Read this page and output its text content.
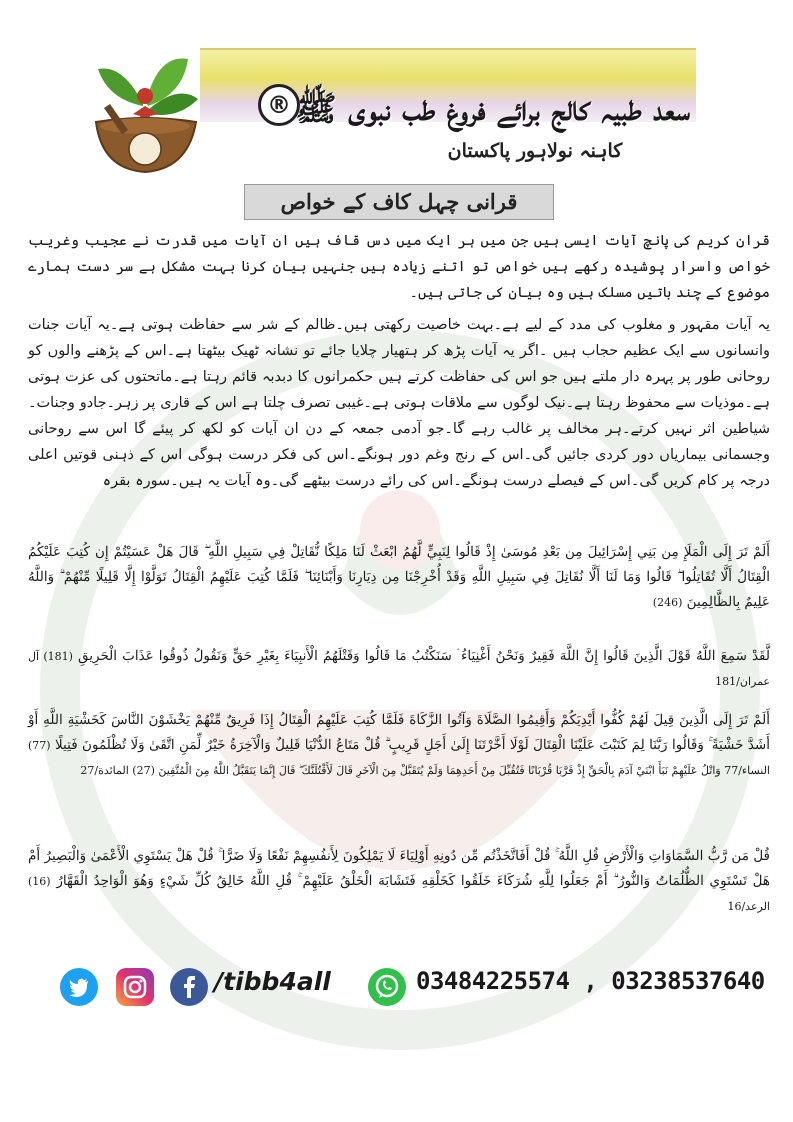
® سعد طبیہ کالج برائے فروغ طب نبوی ﷺ
کاہنہ نولاہور پاکستان
قرانی چہل کاف کے خواص
قران کریم کی پانچ آیات ایسی ہیں جن میں ہر ایک میں دس قاف ہیں ان آیات میں قدرت نے عجیب وغریب خواص واسرار پوشیدہ رکھے ہیں خواص تو اتنے زیادہ ہیں جنہیں بیان کرنا بہت مشکل ہے سر دست ہمارے موضوع کے چند باتیں مسلک ہیں وہ بیان کی جاتی ہیں۔
یہ آیات مقہور و مغلوب کی مدد کے لیے ہے۔بہت خاصیت رکھتی ہیں۔ظالم کے شر سے حفاظت ہوتی ہے۔یہ آیات جنات وانسانوں سے ایک عظیم حجاب ہیں ۔اگر یہ آیات پڑھ کر ہتھیار چلایا جائے تو نشانہ ٹھیک بیٹھتا ہے۔اس کے پڑھنے والوں کو روحانی طور پر پہرہ دار ملتے ہیں جو اس کی حفاظت کرتے ہیں حکمرانوں کا دبدبہ قائم رہتا ہے۔ماتحتوں کی عزت ہوتی ہے۔موذیات سے محفوظ رہتا ہے۔نیک لوگوں سے ملاقات ہوتی ہے۔غیبی تصرف چلتا ہے اس کے قاری پر زہر۔جادو وجنات۔شیاطین اثر نہیں کرتے۔ہر مخالف پر غالب رہے گا۔جو آدمی جمعہ کے دن ان آیات کو لکھ کر پیئے گا اس سے روحانی وجسمانی بیماریاں دور کردی جائیں گی۔اس کے رنج وغم دور ہونگے۔اس کی فکر درست ہوگی اس کے ذہنی قوتیں اعلی درجہ پر کام کریں گی۔اس کے فیصلے درست ہونگے۔اس کی رائے درست بیٹھے گی۔وہ آیات یہ ہیں۔سورہ بقرہ
أَلَمْ تَرَ إِلَى الْمَلَإِ مِن بَنِي إِسْرَائِيلَ مِن بَعْدِ مُوسَىٰ إِذْ قَالُوا لِنَبِيٍّ لَّهُمُ ابْعَثْ لَنَا مَلِكًا نُّقَاتِلْ فِي سَبِيلِ اللَّهِ ۖ قَالَ هَلْ عَسَيْتُمْ إِن كُتِبَ عَلَيْكُمُ الْقِتَالُ أَلَّا تُقَاتِلُوا ۖ قَالُوا وَمَا لَنَا أَلَّا نُقَاتِلَ فِي سَبِيلِ اللَّهِ وَقَدْ أُخْرِجْنَا مِن دِيَارِنَا وَأَبْنَائِنَا ۖ فَلَمَّا كُتِبَ عَلَيْهِمُ الْقِتَالُ تَوَلَّوْا إِلَّا قَلِيلًا مِّنْهُمْ ۗ وَاللَّهُ عَلِيمٌ بِالظَّالِمِينَ (246)
لَّقَدْ سَمِعَ اللَّهُ قَوْلَ الَّذِينَ قَالُوا إِنَّ اللَّهَ فَقِيرٌ وَنَحْنُ أَغْنِيَاءُ ۘ سَنَكْتُبُ مَا قَالُوا وَقَتْلَهُمُ الْأَنبِيَاءَ بِغَيْرِ حَقٍّ وَنَقُولُ ذُوقُوا عَذَابَ الْحَرِيقِ (181) آل عمران/181
أَلَمْ تَرَ إِلَى الَّذِينَ قِيلَ لَهُمْ كُفُّوا أَيْدِيَكُمْ وَأَقِيمُوا الصَّلَاةَ وَآتُوا الزَّكَاةَ فَلَمَّا كُتِبَ عَلَيْهِمُ الْقِتَالُ إِذَا فَرِيقٌ مِّنْهُمْ يَخْشَوْنَ النَّاسَ كَخَشْيَةِ اللَّهِ أَوْ أَشَدَّ خَشْيَةً ۚ وَقَالُوا رَبَّنَا لِمَ كَتَبْتَ عَلَيْنَا الْقِتَالَ لَوْلَا أَخَّرْتَنَا إِلَىٰ أَجَلٍ قَرِيبٍ ۗ قُلْ مَتَاعُ الدُّنْيَا قَلِيلٌ وَالْآخِرَةُ خَيْرٌ لِّمَنِ اتَّقَىٰ وَلَا تُظْلَمُونَ فَتِيلًا (77) النساء/77 وَاتْلُ عَلَيْهِمْ نَبَأَ ابْنَيْ آدَمَ بِالْحَقِّ إِذْ قَرَّبَا قُرْبَانًا فَتُقُبِّلَ مِنْ أَحَدِهِمَا وَلَمْ يُتَقَبَّلْ مِنَ الْآخَرِ قَالَ لَأَقْتُلَنَّكَ ۖ قَالَ إِنَّمَا يَتَقَبَّلُ اللَّهُ مِنَ الْمُتَّقِينَ (27) المائدة/27
قُلْ مَن رَّبُّ السَّمَاوَاتِ وَالْأَرْضِ قُلِ اللَّهُ ۚ قُلْ أَفَاتَّخَذْتُم مِّن دُونِهِ أَوْلِيَاءَ لَا يَمْلِكُونَ لِأَنفُسِهِمْ نَفْعًا وَلَا ضَرًّا ۚ قُلْ هَلْ يَسْتَوِي الْأَعْمَىٰ وَالْبَصِيرُ أَمْ هَلْ تَسْتَوِي الظُّلُمَاتُ وَالنُّورُ ۗ أَمْ جَعَلُوا لِلَّهِ شُرَكَاءَ خَلَقُوا كَخَلْقِهِ فَتَشَابَهَ الْخَلْقُ عَلَيْهِمْ ۚ قُلِ اللَّهُ خَالِقُ كُلِّ شَيْءٍ وَهُوَ الْوَاحِدُ الْقَهَّارُ (16) الرعد/16
/tibb4all	03484225574 , 03238537640
